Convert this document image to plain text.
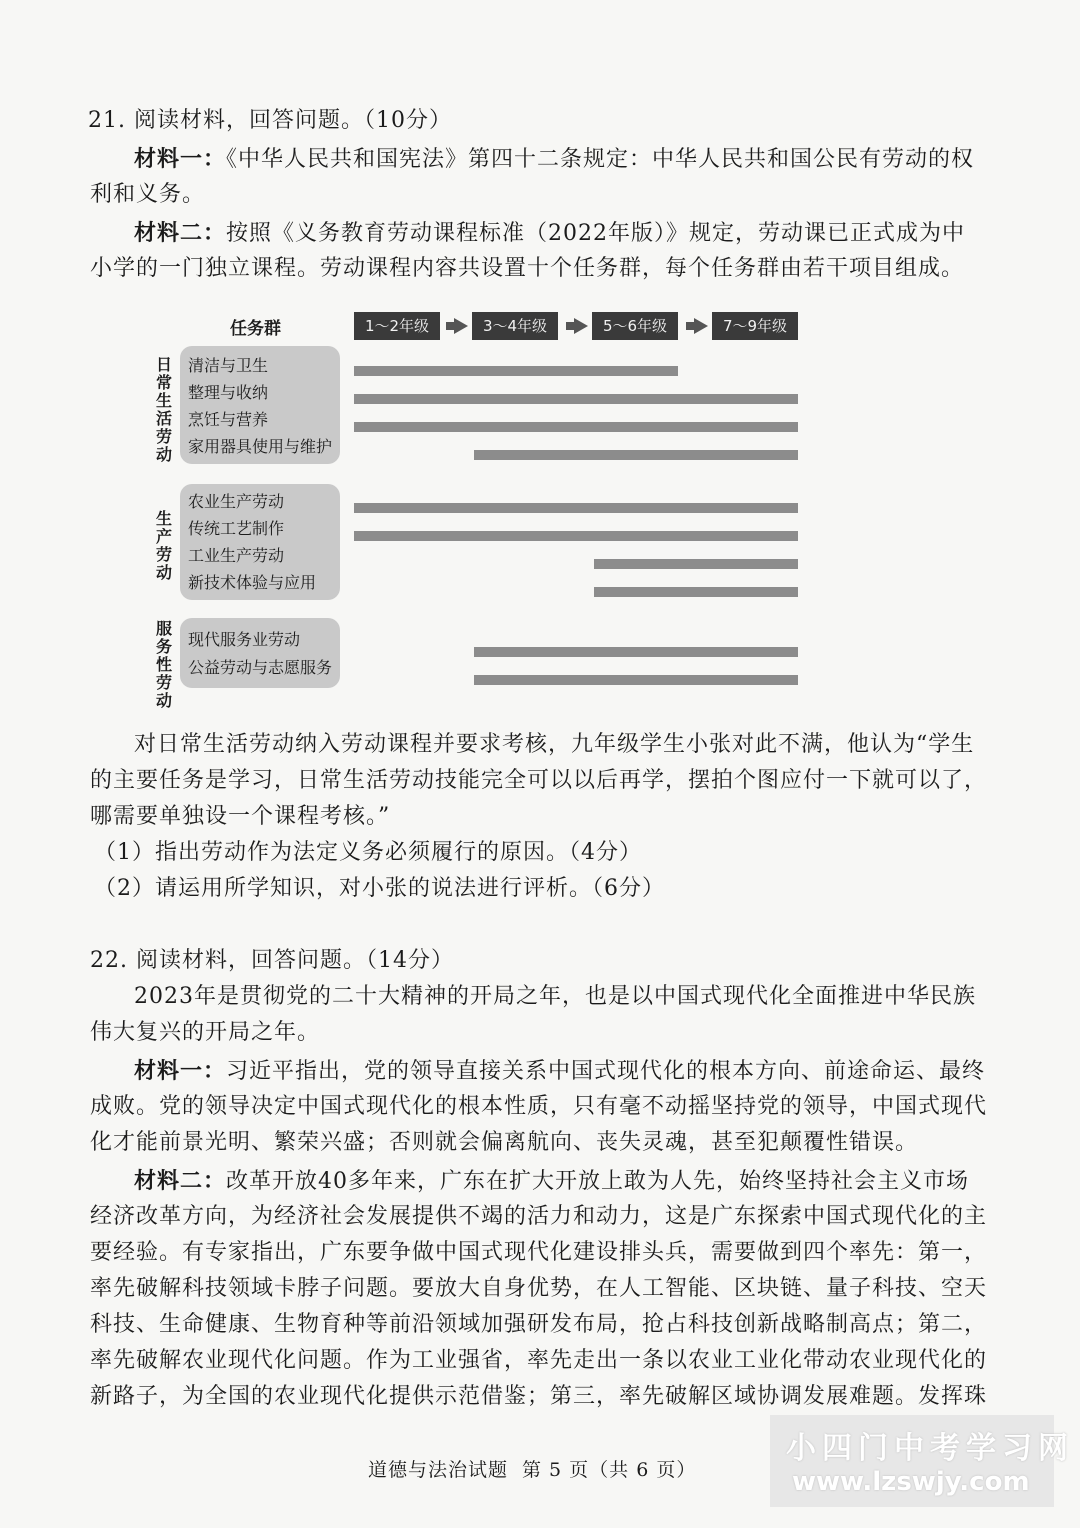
21. 阅读材料，回答问题。（10分）
材料一：《中华人民共和国宪法》第四十二条规定：中华人民共和国公民有劳动的权
利和义务。
材料二：按照《义务教育劳动课程标准（2022年版）》规定，劳动课已正式成为中
小学的一门独立课程。劳动课程内容共设置十个任务群，每个任务群由若干项目组成。
任务群	1～2年级	3～4年级	5～6年级	7～9年级
日常生活劳动
清洁与卫生
整理与收纳
烹饪与营养
家用器具使用与维护
生产劳动
农业生产劳动
传统工艺制作
工业生产劳动
新技术体验与应用
服务性劳动
现代服务业劳动
公益劳动与志愿服务
对日常生活劳动纳入劳动课程并要求考核，九年级学生小张对此不满，他认为“学生
的主要任务是学习，日常生活劳动技能完全可以以后再学，摆拍个图应付一下就可以了，
哪需要单独设一个课程考核。”
（1）指出劳动作为法定义务必须履行的原因。（4分）
（2）请运用所学知识，对小张的说法进行评析。（6分）
22. 阅读材料，回答问题。（14分）
2023年是贯彻党的二十大精神的开局之年，也是以中国式现代化全面推进中华民族
伟大复兴的开局之年。
材料一：习近平指出，党的领导直接关系中国式现代化的根本方向、前途命运、最终
成败。党的领导决定中国式现代化的根本性质，只有毫不动摇坚持党的领导，中国式现代
化才能前景光明、繁荣兴盛；否则就会偏离航向、丧失灵魂，甚至犯颠覆性错误。
材料二：改革开放40多年来，广东在扩大开放上敢为人先，始终坚持社会主义市场
经济改革方向，为经济社会发展提供不竭的活力和动力，这是广东探索中国式现代化的主
要经验。有专家指出，广东要争做中国式现代化建设排头兵，需要做到四个率先：第一，
率先破解科技领域卡脖子问题。要放大自身优势，在人工智能、区块链、量子科技、空天
科技、生命健康、生物育种等前沿领域加强研发布局，抢占科技创新战略制高点；第二，
率先破解农业现代化问题。作为工业强省，率先走出一条以农业工业化带动农业现代化的
新路子，为全国的农业现代化提供示范借鉴；第三，率先破解区域协调发展难题。发挥珠
道德与法治试题 第 5 页（共 6 页）
小四门中考学习网
www.lzswjy.com
